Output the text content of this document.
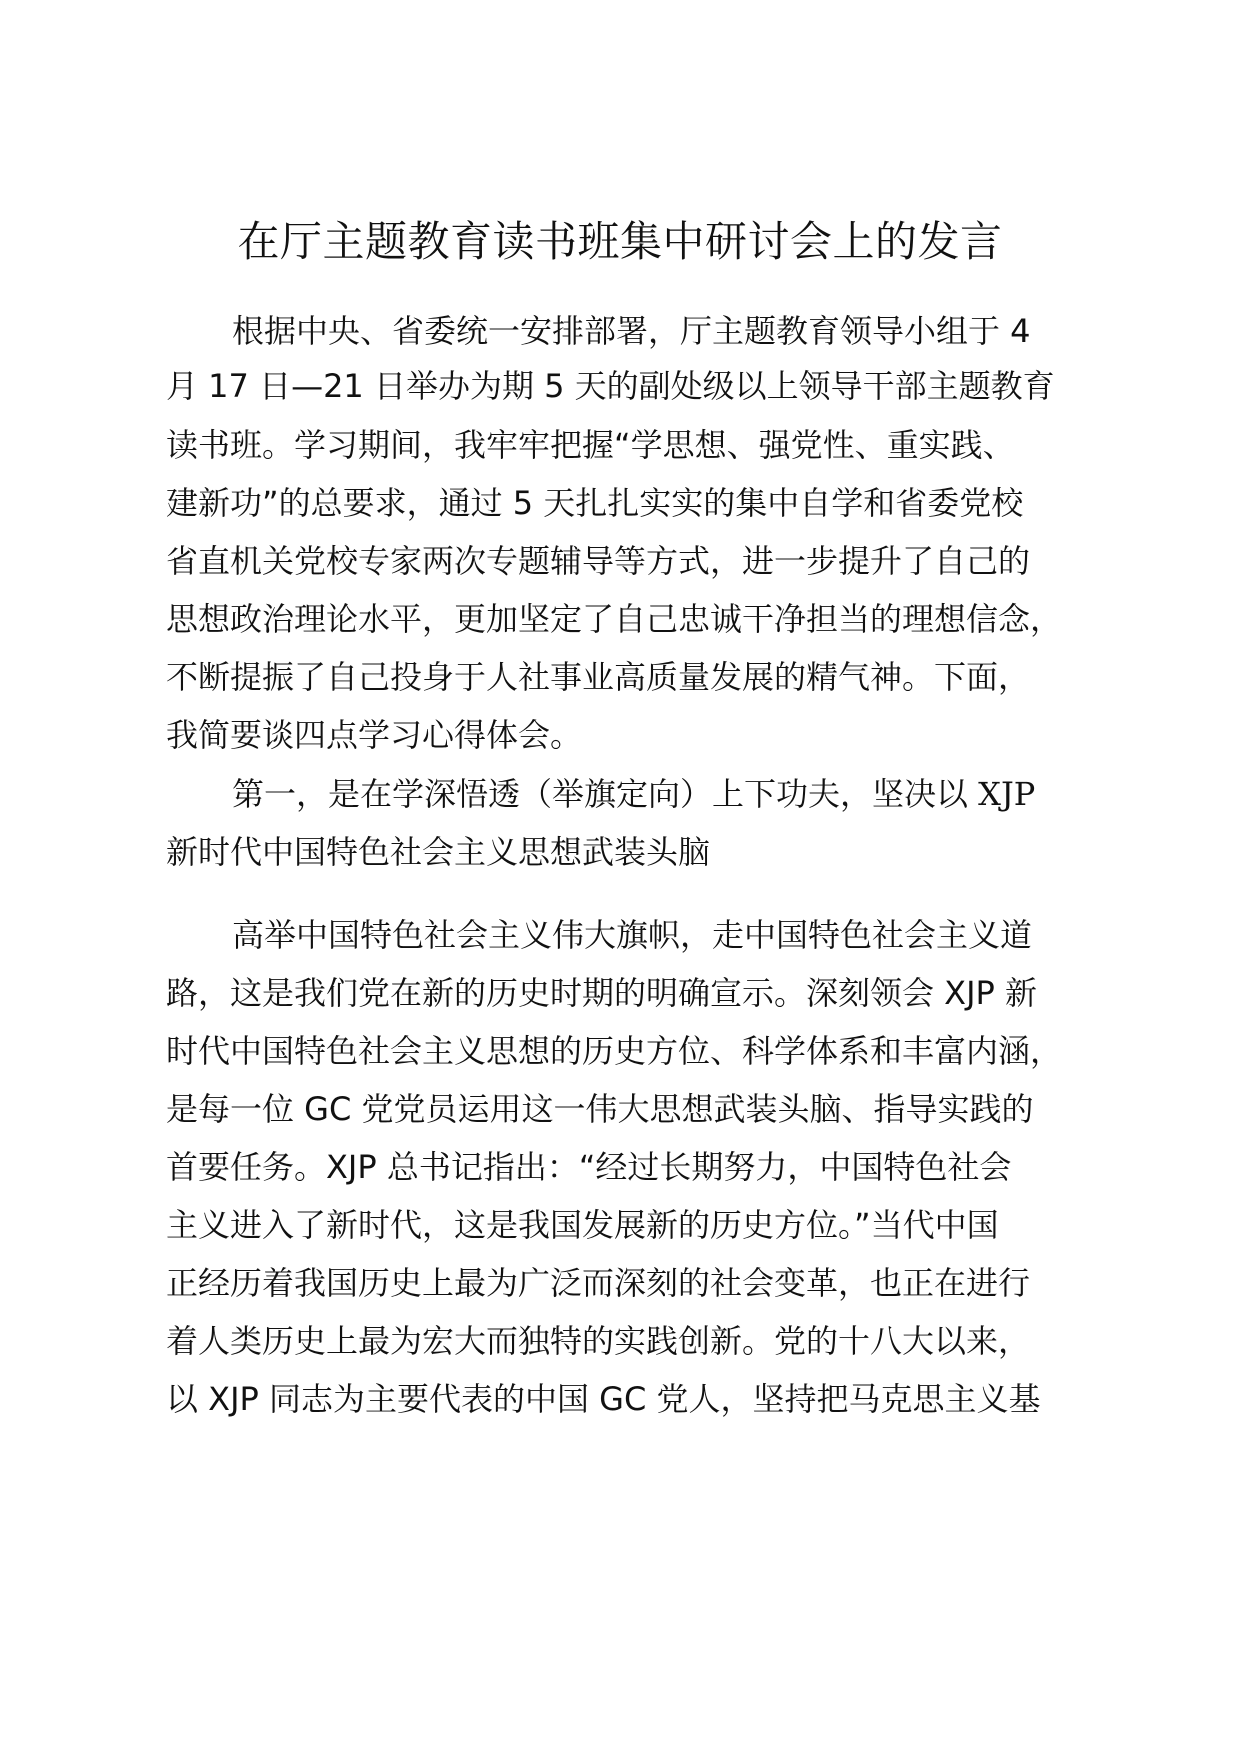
在厅主题教育读书班集中研讨会上的发言

根据中央、省委统一安排部署，厅主题教育领导小组于 4

月 17 日—21 日举办为期 5 天的副处级以上领导干部主题教育

读书班。学习期间，我牢牢把握“学思想、强党性、重实践、

建新功”的总要求，通过 5 天扎扎实实的集中自学和省委党校

省直机关党校专家两次专题辅导等方式，进一步提升了自己的

思想政治理论水平，更加坚定了自己忠诚干净担当的理想信念，

不断提振了自己投身于人社事业高质量发展的精气神。下面，

我简要谈四点学习心得体会。

第一，是在学深悟透（举旗定向）上下功夫，坚决以 XJP

新时代中国特色社会主义思想武装头脑

高举中国特色社会主义伟大旗帜，走中国特色社会主义道

路，这是我们党在新的历史时期的明确宣示。深刻领会 XJP 新

时代中国特色社会主义思想的历史方位、科学体系和丰富内涵，

是每一位 GC 党党员运用这一伟大思想武装头脑、指导实践的

首要任务。XJP 总书记指出：“经过长期努力，中国特色社会

主义进入了新时代，这是我国发展新的历史方位。”当代中国

正经历着我国历史上最为广泛而深刻的社会变革，也正在进行

着人类历史上最为宏大而独特的实践创新。党的十八大以来，

以 XJP 同志为主要代表的中国 GC 党人，坚持把马克思主义基
